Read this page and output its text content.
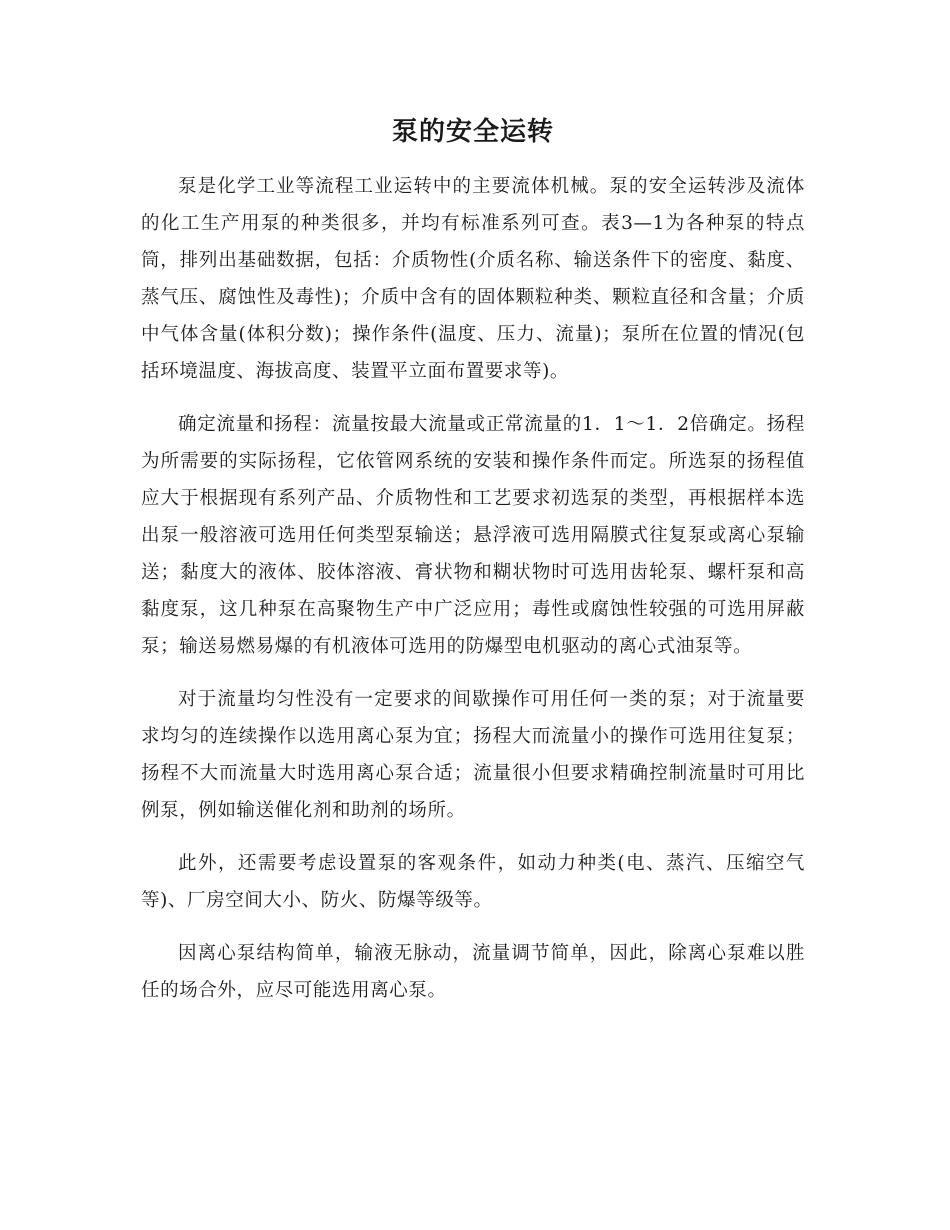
泵的安全运转

泵是化学工业等流程工业运转中的主要流体机械。泵的安全运转涉及流体的化工生产用泵的种类很多，并均有标准系列可查。表3—1为各种泵的特点筒，排列出基础数据，包括：介质物性(介质名称、输送条件下的密度、黏度、蒸气压、腐蚀性及毒性)；介质中含有的固体颗粒种类、颗粒直径和含量；介质中气体含量(体积分数)；操作条件(温度、压力、流量)；泵所在位置的情况(包括环境温度、海拔高度、装置平立面布置要求等)。

确定流量和扬程：流量按最大流量或正常流量的1．1～1．2倍确定。扬程为所需要的实际扬程，它依管网系统的安装和操作条件而定。所选泵的扬程值应大于根据现有系列产品、介质物性和工艺要求初选泵的类型，再根据样本选出泵一般溶液可选用任何类型泵输送；悬浮液可选用隔膜式往复泵或离心泵输送；黏度大的液体、胶体溶液、膏状物和糊状物时可选用齿轮泵、螺杆泵和高黏度泵，这几种泵在高聚物生产中广泛应用；毒性或腐蚀性较强的可选用屏蔽泵；输送易燃易爆的有机液体可选用的防爆型电机驱动的离心式油泵等。

对于流量均匀性没有一定要求的间歇操作可用任何一类的泵；对于流量要求均匀的连续操作以选用离心泵为宜；扬程大而流量小的操作可选用往复泵；扬程不大而流量大时选用离心泵合适；流量很小但要求精确控制流量时可用比例泵，例如输送催化剂和助剂的场所。

此外，还需要考虑设置泵的客观条件，如动力种类(电、蒸汽、压缩空气等)、厂房空间大小、防火、防爆等级等。

因离心泵结构简单，输液无脉动，流量调节简单，因此，除离心泵难以胜任的场合外，应尽可能选用离心泵。
